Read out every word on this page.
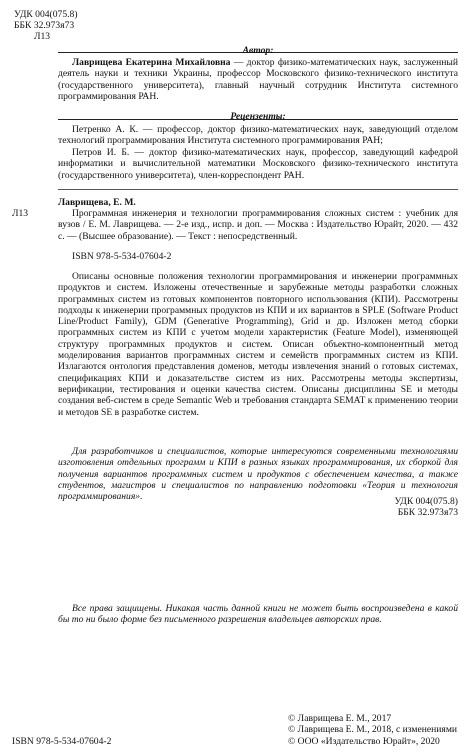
УДК 004(075.8)
ББК 32.973я73
Л13
Автор:

Лаврищева Екатерина Михайловна — доктор физико-математических наук, заслуженный деятель науки и техники Украины, профессор Московского физико-технического института (государственного университета), главный научный сотрудник Института системного программирования РАН.

Рецензенты:

Петренко А. К. — профессор, доктор физико-математических наук, заведующий отделом технологий программирования Института системного программирования РАН;

Петров И. Б. — доктор физико-математических наук, профессор, заведующий кафедрой информатики и вычислительной математики Московского физико-технического института (государственного университета), член-корреспондент РАН.

Лаврищева, Е. М.
Л13	Программная инженерия и технологии программирования сложных систем : учебник для вузов / Е. М. Лаврищева. — 2-е изд., испр. и доп. — Москва : Издательство Юрайт, 2020. — 432 с. — (Высшее образование). — Текст : непосредственный.

ISBN 978-5-534-07604-2

Описаны основные положения технологии программирования и инженерии программных продуктов и систем. Изложены отечественные и зарубежные методы разработки сложных программных систем из готовых компонентов повторного использования (КПИ). Рассмотрены подходы к инженерии программных продуктов из КПИ и их вариантов в SPLE (Software Product Line/Product Family), GDM (Generative Programming), Grid и др. Изложен метод сборки программных систем из КПИ с учетом модели характеристик (Feature Model), изменяющей структуру программных продуктов и систем. Описан объектно-компонентный метод моделирования вариантов программных систем и семейств программных систем из КПИ. Излагаются онтология представления доменов, методы извлечения знаний о готовых системах, спецификациях КПИ и доказательстве систем из них. Рассмотрены методы экспертизы, верификации, тестирования и оценки качества систем. Описаны дисциплины SE и методы создания веб-систем в среде Semantic Web и требования стандарта SEMAT к применению теории и методов SE в разработке систем.

Для разработчиков и специалистов, которые интересуются современными технологиями изготовления отдельных программ и КПИ в разных языках программирования, их сборкой для получения вариантов программных систем и продуктов с обеспечением качества, а также студентов, магистров и специалистов по направлению подготовки «Теория и технология программирования».	УДК 004(075.8)
ББК 32.973я73

Все права защищены. Никакая часть данной книги не может быть воспроизведена в какой бы то ни было форме без письменного разрешения владельцев авторских прав.

ISBN 978-5-534-07604-2
© Лаврищева Е. М., 2017
© Лаврищева Е. М., 2018, с изменениями
© ООО «Издательство Юрайт», 2020
